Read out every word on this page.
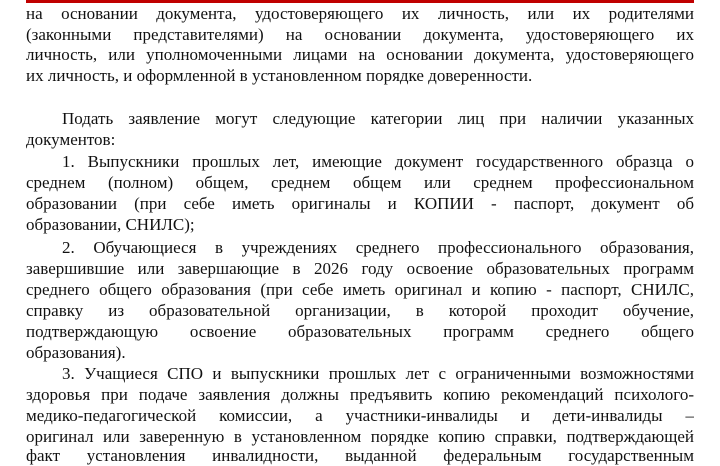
на основании документа, удостоверяющего их личность, или их родителями
(законными представителями) на основании документа, удостоверяющего их
личность, или уполномоченными лицами на основании документа, удостоверяющего
их личность, и оформленной в установленном порядке доверенности.
Подать заявление могут следующие категории лиц при наличии указанных
документов:
1. Выпускники прошлых лет, имеющие документ государственного образца о
среднем (полном) общем, среднем общем или среднем профессиональном
образовании (при себе иметь оригиналы и КОПИИ - паспорт, документ об
образовании, СНИЛС);
2. Обучающиеся в учреждениях среднего профессионального образования,
завершившие или завершающие в 2026 году освоение образовательных программ
среднего общего образования (при себе иметь оригинал и копию - паспорт, СНИЛС,
справку из образовательной организации, в которой проходит обучение,
подтверждающую освоение образовательных программ среднего общего
образования).
3. Учащиеся СПО и выпускники прошлых лет с ограниченными возможностями
здоровья при подаче заявления должны предъявить копию рекомендаций психолого-
медико-педагогической комиссии, а участники-инвалиды и дети-инвалиды –
оригинал или заверенную в установленном порядке копию справки, подтверждающей
факт установления инвалидности, выданной федеральным государственным
